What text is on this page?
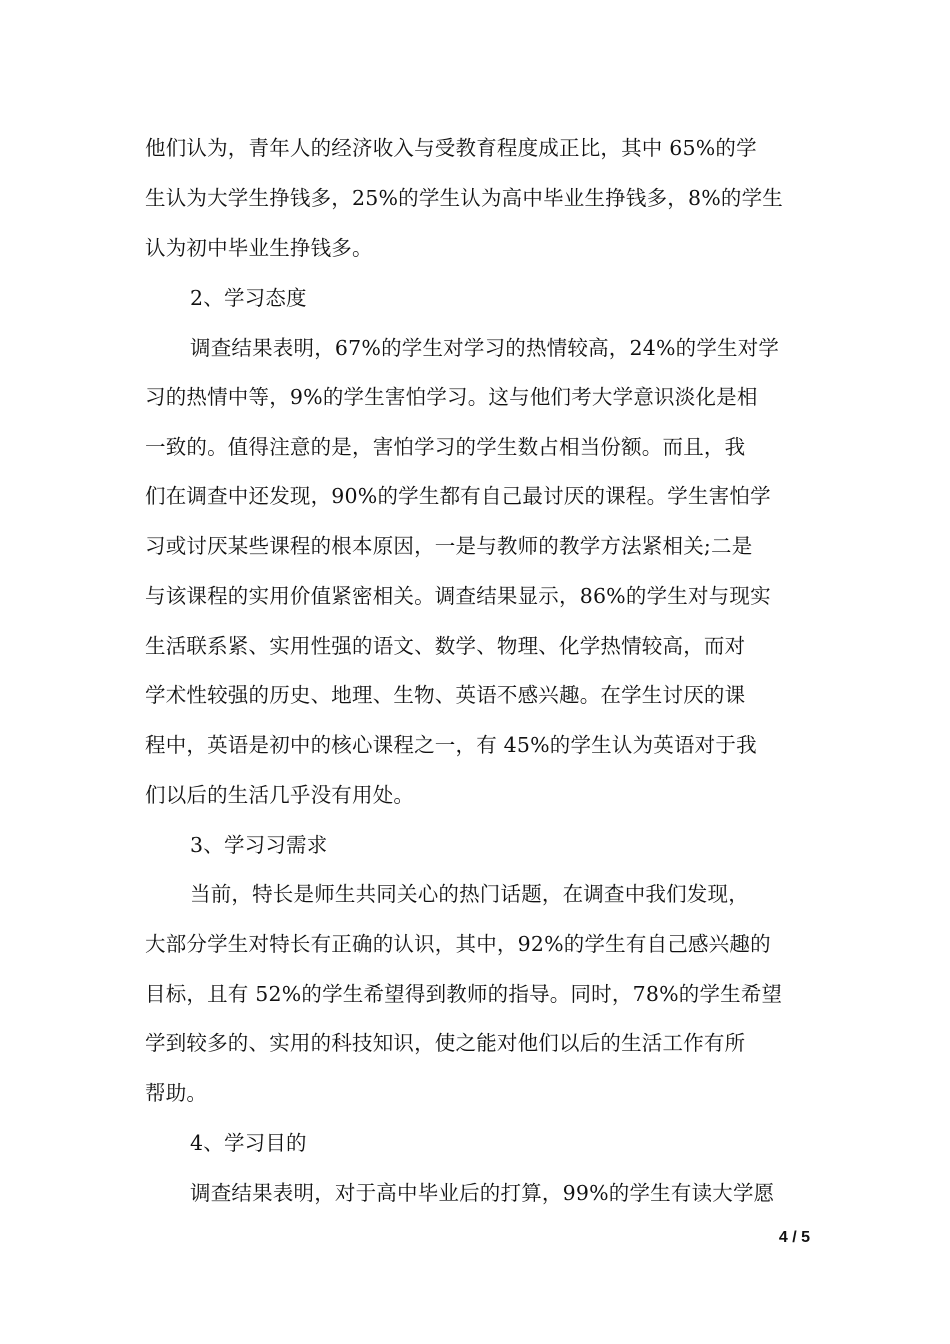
他们认为，青年人的经济收入与受教育程度成正比，其中 65%的学
生认为大学生挣钱多，25%的学生认为高中毕业生挣钱多，8%的学生
认为初中毕业生挣钱多。
2、学习态度
调查结果表明，67%的学生对学习的热情较高，24%的学生对学
习的热情中等，9%的学生害怕学习。这与他们考大学意识淡化是相
一致的。值得注意的是，害怕学习的学生数占相当份额。而且，我
们在调查中还发现，90%的学生都有自己最讨厌的课程。学生害怕学
习或讨厌某些课程的根本原因，一是与教师的教学方法紧相关;二是
与该课程的实用价值紧密相关。调查结果显示，86%的学生对与现实
生活联系紧、实用性强的语文、数学、物理、化学热情较高，而对
学术性较强的历史、地理、生物、英语不感兴趣。在学生讨厌的课
程中，英语是初中的核心课程之一，有 45%的学生认为英语对于我
们以后的生活几乎没有用处。
3、学习习需求
当前，特长是师生共同关心的热门话题，在调查中我们发现，
大部分学生对特长有正确的认识，其中，92%的学生有自己感兴趣的
目标，且有 52%的学生希望得到教师的指导。同时，78%的学生希望
学到较多的、实用的科技知识，使之能对他们以后的生活工作有所
帮助。
4、学习目的
调查结果表明，对于高中毕业后的打算，99%的学生有读大学愿
4 / 5
